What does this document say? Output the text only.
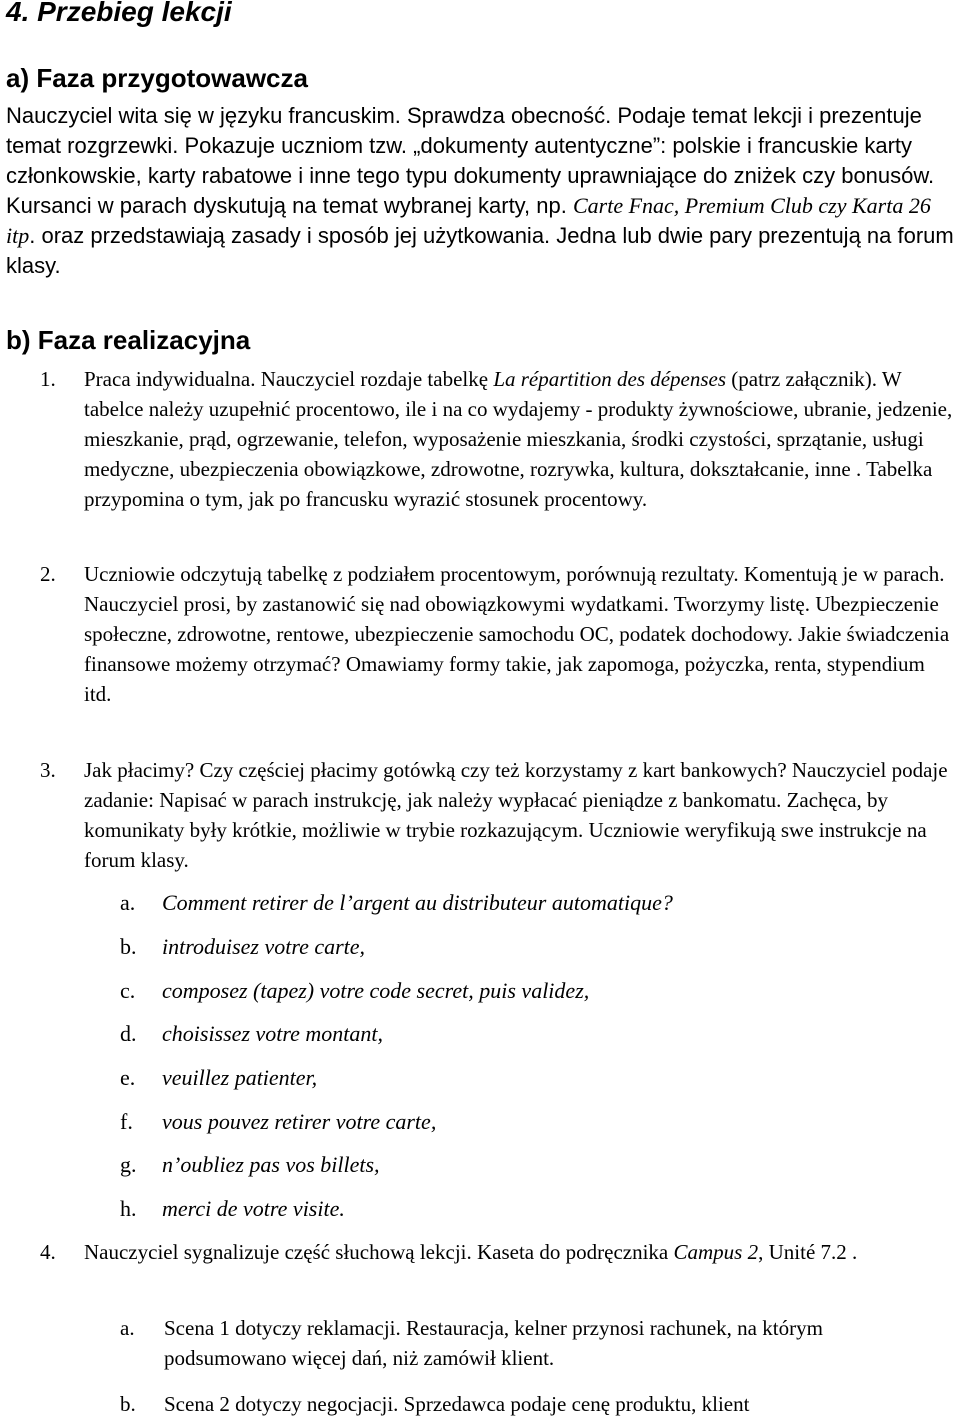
4. Przebieg lekcji
a) Faza przygotowawcza

Nauczyciel wita się w języku francuskim. Sprawdza obecność. Podaje temat lekcji i prezentuje temat rozgrzewki. Pokazuje uczniom tzw. „dokumenty autentyczne”: polskie i francuskie karty członkowskie, karty rabatowe i inne tego typu dokumenty uprawniające do zniżek czy bonusów. Kursanci w parach dyskutują na temat wybranej karty, np. Carte Fnac, Premium Club czy Karta 26 itp. oraz przedstawiają zasady i sposób jej użytkowania. Jedna lub dwie pary prezentują na forum klasy.

b) Faza realizacyjna
1.	Praca indywidualna. Nauczyciel rozdaje tabelkę La répartition des dépenses (patrz załącznik). W tabelce należy uzupełnić procentowo, ile i na co wydajemy - produkty żywnościowe, ubranie, jedzenie, mieszkanie, prąd, ogrzewanie, telefon, wyposażenie mieszkania, środki czystości, sprzątanie, usługi medyczne, ubezpieczenia obowiązkowe, zdrowotne, rozrywka, kultura, dokształcanie, inne . Tabelka przypomina o tym, jak po francusku wyrazić stosunek procentowy.
2.	Uczniowie odczytują tabelkę z podziałem procentowym, porównują rezultaty. Komentują je w parach. Nauczyciel prosi, by zastanowić się nad obowiązkowymi wydatkami. Tworzymy listę. Ubezpieczenie społeczne, zdrowotne, rentowe, ubezpieczenie samochodu OC, podatek dochodowy. Jakie świadczenia finansowe możemy otrzymać? Omawiamy formy takie, jak zapomoga, pożyczka, renta, stypendium itd.
3.	Jak płacimy? Czy częściej płacimy gotówką czy też korzystamy z kart bankowych? Nauczyciel podaje zadanie: Napisać w parach instrukcję, jak należy wypłacać pieniądze z bankomatu. Zachęca, by komunikaty były krótkie, możliwie w trybie rozkazującym. Uczniowie weryfikują swe instrukcje na forum klasy.
a.	Comment retirer de l’argent au distributeur automatique?
b.	introduisez votre carte,
c.	composez (tapez) votre code secret, puis validez,
d.	choisissez votre montant,
e.	veuillez patienter,
f.	vous pouvez retirer votre carte,
g.	n’oubliez pas vos billets,
h.	merci de votre visite.
4.	Nauczyciel sygnalizuje część słuchową lekcji. Kaseta do podręcznika Campus 2, Unité 7.2 .
a.	Scena 1 dotyczy reklamacji. Restauracja, kelner przynosi rachunek, na którym podsumowano więcej dań, niż zamówił klient.
b.	Scena 2 dotyczy negocjacji. Sprzedawca podaje cenę produktu, klient
